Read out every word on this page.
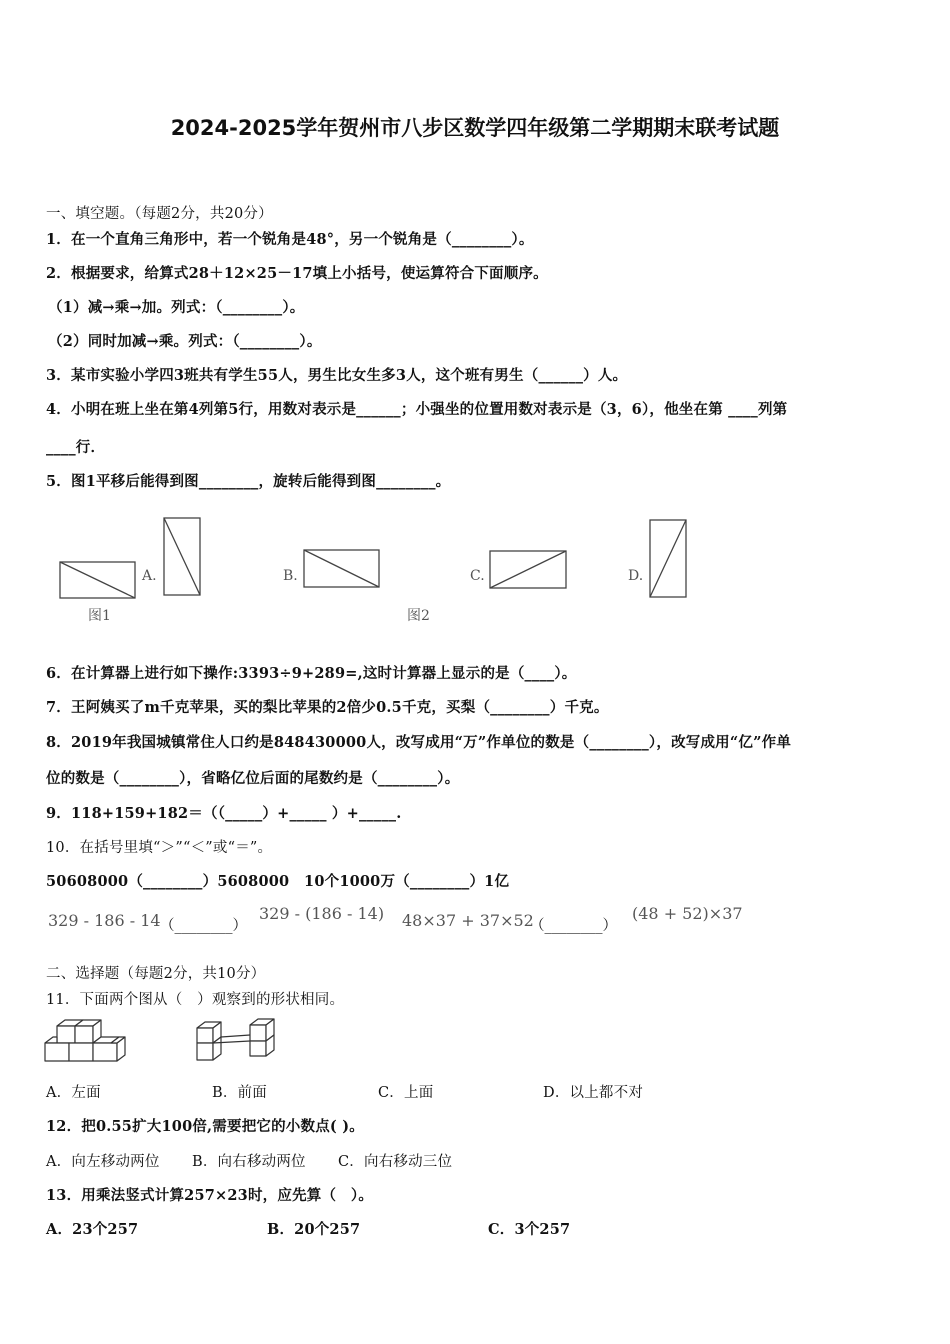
2024-2025学年贺州市八步区数学四年级第二学期期末联考试题
一、填空题。（每题2分，共20分）
1．在一个直角三角形中，若一个锐角是48°，另一个锐角是（________）。
2．根据要求，给算式28＋12×25－17填上小括号，使运算符合下面顺序。
（1）减→乘→加。列式：（________）。
（2）同时加减→乘。列式：（________）。
3．某市实验小学四3班共有学生55人，男生比女生多3人，这个班有男生（______）人。
4．小明在班上坐在第4列第5行，用数对表示是______；小强坐的位置用数对表示是（3，6），他坐在第 ____列第
____行．
5．图1平移后能得到图________，旋转后能得到图________。
A.	B.	C.	D.
图1	图2
6．在计算器上进行如下操作:3393÷9+289=,这时计算器上显示的是（____）。
7．王阿姨买了m千克苹果，买的梨比苹果的2倍少0.5千克，买梨（________）千克。
8．2019年我国城镇常住人口约是848430000人，改写成用“万”作单位的数是（________），改写成用“亿”作单
位的数是（________），省略亿位后面的尾数约是（________）。
9．118+159+182＝（（_____）+_____ ）+_____.
10．在括号里填“＞”“＜”或“＝”。
50608000（________）5608000　10个1000万（________）1亿
329 - 186 - 14 （________）
329 - (186 - 14) 48×37 + 37×52
（________）
(48 + 52)×37
二、选择题（每题2分，共10分）
11．下面两个图从（　）观察到的形状相同。
A．左面	B．前面	C．上面	D．以上都不对
12．把0.55扩大100倍,需要把它的小数点( )。
A．向左移动两位 B．向右移动两位 C．向右移动三位
13．用乘法竖式计算257×23时，应先算（　）。
A．23个257	B．20个257	C．3个257
